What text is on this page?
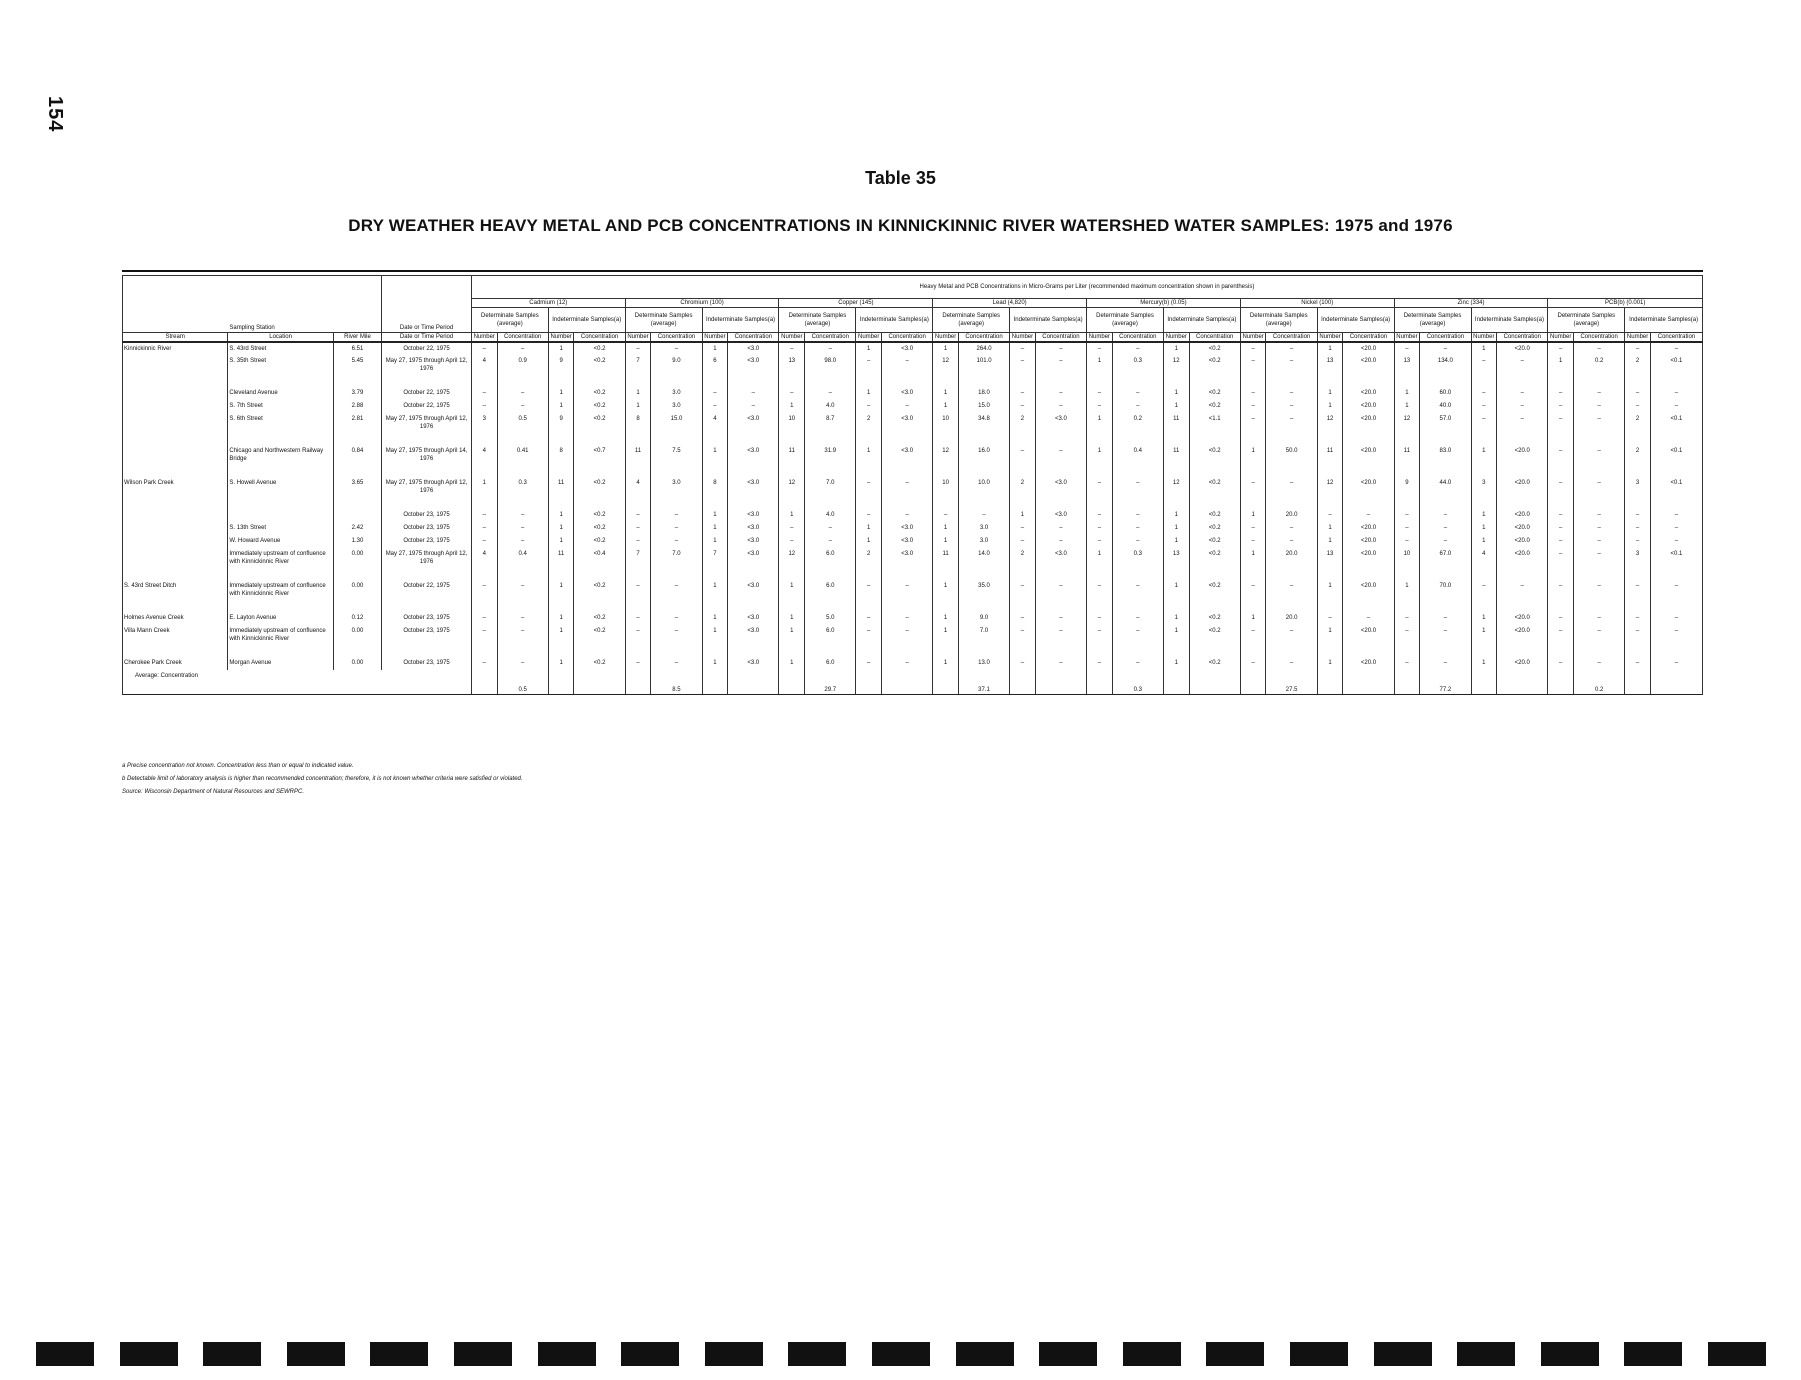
154
Table 35
DRY WEATHER HEAVY METAL AND PCB CONCENTRATIONS IN KINNICKINNIC RIVER WATERSHED WATER SAMPLES: 1975 and 1976
Sampling Station			Date or Time Period	Heavy Metal and PCB Concentrations in Micro-Grams per Liter (recommended maximum concentration shown in parenthesis)																															
				Cadmium (12)				Chromium (100)				Copper (145)				Lead (4,820)				Mercury(b) (0.05)				Nickel (100)				Zinc (334)				PCB(b) (0.001)			
				Determinate Samples (average)		Indeterminate Samples(a)		Determinate Samples (average)		Indeterminate Samples(a)		Determinate Samples (average)		Indeterminate Samples(a)		Determinate Samples (average)		Indeterminate Samples(a)		Determinate Samples (average)		Indeterminate Samples(a)		Determinate Samples (average)		Indeterminate Samples(a)		Determinate Samples (average)		Indeterminate Samples(a)		Determinate Samples (average)		Indeterminate Samples(a)	
Stream	Location	River Mile	Date or Time Period	Number	Concentration	Number	Concentration	Number	Concentration	Number	Concentration	Number	Concentration	Number	Concentration	Number	Concentration	Number	Concentration	Number	Concentration	Number	Concentration	Number	Concentration	Number	Concentration	Number	Concentration	Number	Concentration	Number	Concentration	Number	Concentration
Kinnickinnic River	S. 43rd Street	6.51	October 22, 1975	–	–	1	<0.2	–	–	1	<3.0	–	–	1	<3.0	1	264.0	–	–	–	–	1	<0.2	–	–	1	<20.0	–	–	1	<20.0	–	–	–	–
	S. 35th Street	5.45	May 27, 1975 through April 12, 1976	4	0.9	9	<0.2	7	9.0	6	<3.0	13	98.0	–	–	12	101.0	–	–	1	0.3	12	<0.2	–	–	13	<20.0	13	134.0	–	–	1	0.2	2	<0.1
	Cleveland Avenue	3.79	October 22, 1975	–	–	1	<0.2	1	3.0	–	–	–	–	1	<3.0	1	18.0	–	–	–	–	1	<0.2	–	–	1	<20.0	1	60.0	–	–	–	–	–	–
	S. 7th Street	2.88	October 22, 1975	–	–	1	<0.2	1	3.0	–	–	1	4.0	–	–	1	15.0	–	–	–	–	1	<0.2	–	–	1	<20.0	1	40.0	–	–	–	–	–	–
	S. 6th Street	2.81	May 27, 1975 through April 12, 1976	3	0.5	9	<0.2	8	15.0	4	<3.0	10	8.7	2	<3.0	10	34.8	2	<3.0	1	0.2	11	<1.1	–	–	12	<20.0	12	57.0	–	–	–	–	2	<0.1
	Chicago and Northwestern Railway Bridge	0.84	May 27, 1975 through April 14, 1976	4	0.41	8	<0.7	11	7.5	1	<3.0	11	31.9	1	<3.0	12	16.0	–	–	1	0.4	11	<0.2	1	50.0	11	<20.0	11	83.0	1	<20.0	–	–	2	<0.1
Wilson Park Creek	S. Howell Avenue	3.65	May 27, 1975 through April 12, 1976	1	0.3	11	<0.2	4	3.0	8	<3.0	12	7.0	–	–	10	10.0	2	<3.0	–	–	12	<0.2	–	–	12	<20.0	9	44.0	3	<20.0	–	–	3	<0.1
			October 23, 1975	–	–	1	<0.2	–	–	1	<3.0	1	4.0	–	–	–	–	1	<3.0	–	–	1	<0.2	1	20.0	–	–	–	–	1	<20.0	–	–	–	–
	S. 13th Street	2.42	October 23, 1975	–	–	1	<0.2	–	–	1	<3.0	–	–	1	<3.0	1	3.0	–	–	–	–	1	<0.2	–	–	1	<20.0	–	–	1	<20.0	–	–	–	–
	W. Howard Avenue	1.30	October 23, 1975	–	–	1	<0.2	–	–	1	<3.0	–	–	1	<3.0	1	3.0	–	–	–	–	1	<0.2	–	–	1	<20.0	–	–	1	<20.0	–	–	–	–
	Immediately upstream of confluence with Kinnickinnic River	0.00	May 27, 1975 through April 12, 1976	4	0.4	11	<0.4	7	7.0	7	<3.0	12	6.0	2	<3.0	11	14.0	2	<3.0	1	0.3	13	<0.2	1	20.0	13	<20.0	10	67.0	4	<20.0	–	–	3	<0.1
S. 43rd Street Ditch	Immediately upstream of confluence with Kinnickinnic River	0.00	October 22, 1975	–	–	1	<0.2	–	–	1	<3.0	1	6.0	–	–	1	35.0	–	–	–	–	1	<0.2	–	–	1	<20.0	1	70.0	–	–	–	–	–	–
Holmes Avenue Creek	E. Layton Avenue	0.12	October 23, 1975	–	–	1	<0.2	–	–	1	<3.0	1	5.0	–	–	1	9.0	–	–	–	–	1	<0.2	1	20.0	–	–	–	–	1	<20.0	–	–	–	–
Villa Mann Creek	Immediately upstream of confluence with Kinnickinnic River	0.00	October 23, 1975	–	–	1	<0.2	–	–	1	<3.0	1	6.0	–	–	1	7.0	–	–	–	–	1	<0.2	–	–	1	<20.0	–	–	1	<20.0	–	–	–	–
Cherokee Park Creek	Morgan Avenue	0.00	October 23, 1975	–	–	1	<0.2	–	–	1	<3.0	1	6.0	–	–	1	13.0	–	–	–	–	1	<0.2	–	–	1	<20.0	–	–	1	<20.0	–	–	–	–
Average: Concentration					0.5				8.5				29.7				37.1				0.3				27.5				77.2				0.2		
a Precise concentration not known. Concentration less than or equal to indicated value.
b Detectable limit of laboratory analysis is higher than recommended concentration; therefore, it is not known whether criteria were satisfied or violated.
Source: Wisconsin Department of Natural Resources and SEWRPC.
